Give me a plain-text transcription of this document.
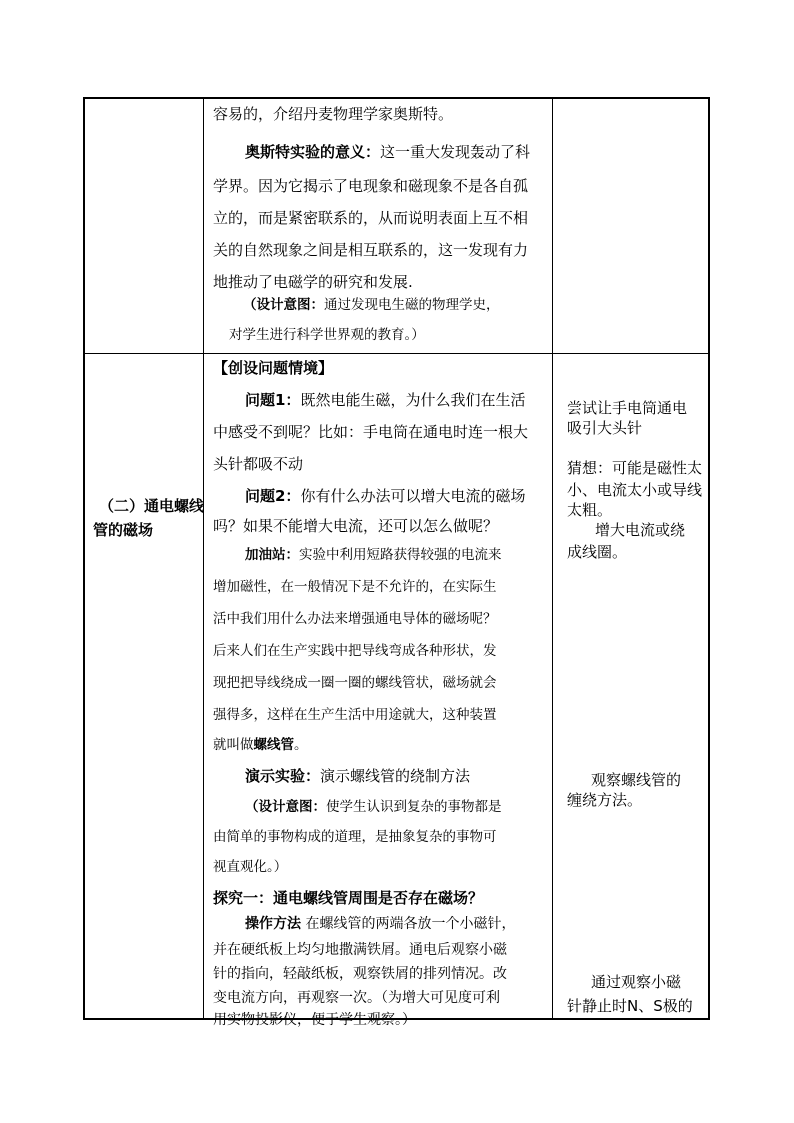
容易的，介绍丹麦物理学家奥斯特。
奥斯特实验的意义：这一重大发现轰动了科
学界。因为它揭示了电现象和磁现象不是各自孤
立的，而是紧密联系的，从而说明表面上互不相
关的自然现象之间是相互联系的，这一发现有力
地推动了电磁学的研究和发展.
（设计意图：通过发现电生磁的物理学史，
对学生进行科学世界观的教育。）
（二）通电螺线
管的磁场
【创设问题情境】
问题1：既然电能生磁，为什么我们在生活
中感受不到呢？比如：手电筒在通电时连一根大
头针都吸不动
问题2：你有什么办法可以增大电流的磁场
吗？如果不能增大电流，还可以怎么做呢？
加油站：实验中利用短路获得较强的电流来
增加磁性，在一般情况下是不允许的，在实际生
活中我们用什么办法来增强通电导体的磁场呢？
后来人们在生产实践中把导线弯成各种形状，发
现把把导线绕成一圈一圈的螺线管状，磁场就会
强得多，这样在生产生活中用途就大，这种装置
就叫做螺线管。
演示实验：演示螺线管的绕制方法
（设计意图：使学生认识到复杂的事物都是
由简单的事物构成的道理，是抽象复杂的事物可
视直观化。）
探究一：通电螺线管周围是否存在磁场？
操作方法 在螺线管的两端各放一个小磁针，
并在硬纸板上均匀地撒满铁屑。通电后观察小磁
针的指向，轻敲纸板，观察铁屑的排列情况。改
变电流方向，再观察一次。（为增大可见度可利
用实物投影仪，便于学生观察。）
尝试让手电筒通电
吸引大头针
猜想：可能是磁性太
小、电流太小或导线
太粗。
增大电流或绕
成线圈。
观察螺线管的
缠绕方法。
通过观察小磁
针静止时N、S极的
